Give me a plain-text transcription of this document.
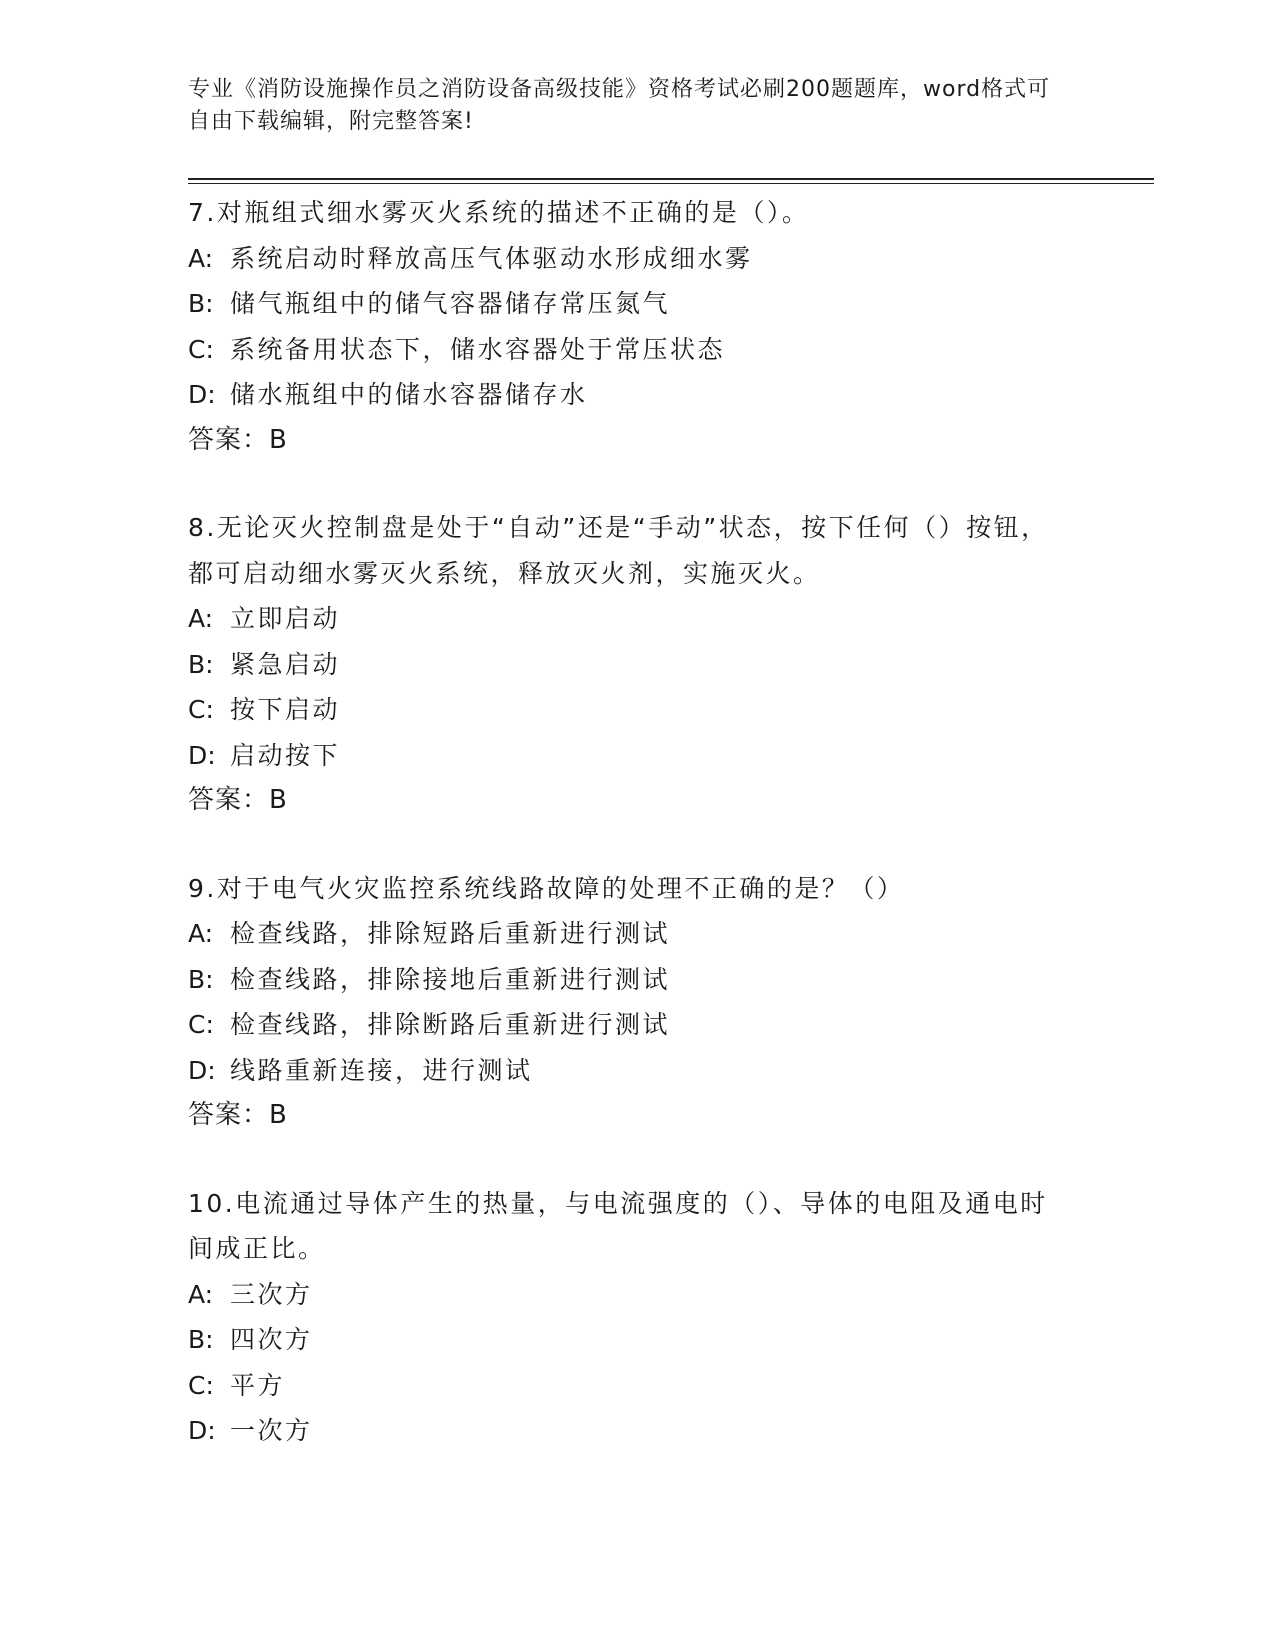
专业《消防设施操作员之消防设备高级技能》资格考试必刷200题题库，word格式可自由下载编辑，附完整答案!
7.对瓶组式细水雾灭火系统的描述不正确的是（）。
A: 系统启动时释放高压气体驱动水形成细水雾
B: 储气瓶组中的储气容器储存常压氮气
C: 系统备用状态下，储水容器处于常压状态
D: 储水瓶组中的储水容器储存水
答案：B
8.无论灭火控制盘是处于“自动”还是“手动”状态，按下任何（）按钮，都可启动细水雾灭火系统，释放灭火剂，实施灭火。
A: 立即启动
B: 紧急启动
C: 按下启动
D: 启动按下
答案：B
9.对于电气火灾监控系统线路故障的处理不正确的是？（）
A: 检查线路，排除短路后重新进行测试
B: 检查线路，排除接地后重新进行测试
C: 检查线路，排除断路后重新进行测试
D: 线路重新连接，进行测试
答案：B
10.电流通过导体产生的热量，与电流强度的（）、导体的电阻及通电时间成正比。
A: 三次方
B: 四次方
C: 平方
D: 一次方
